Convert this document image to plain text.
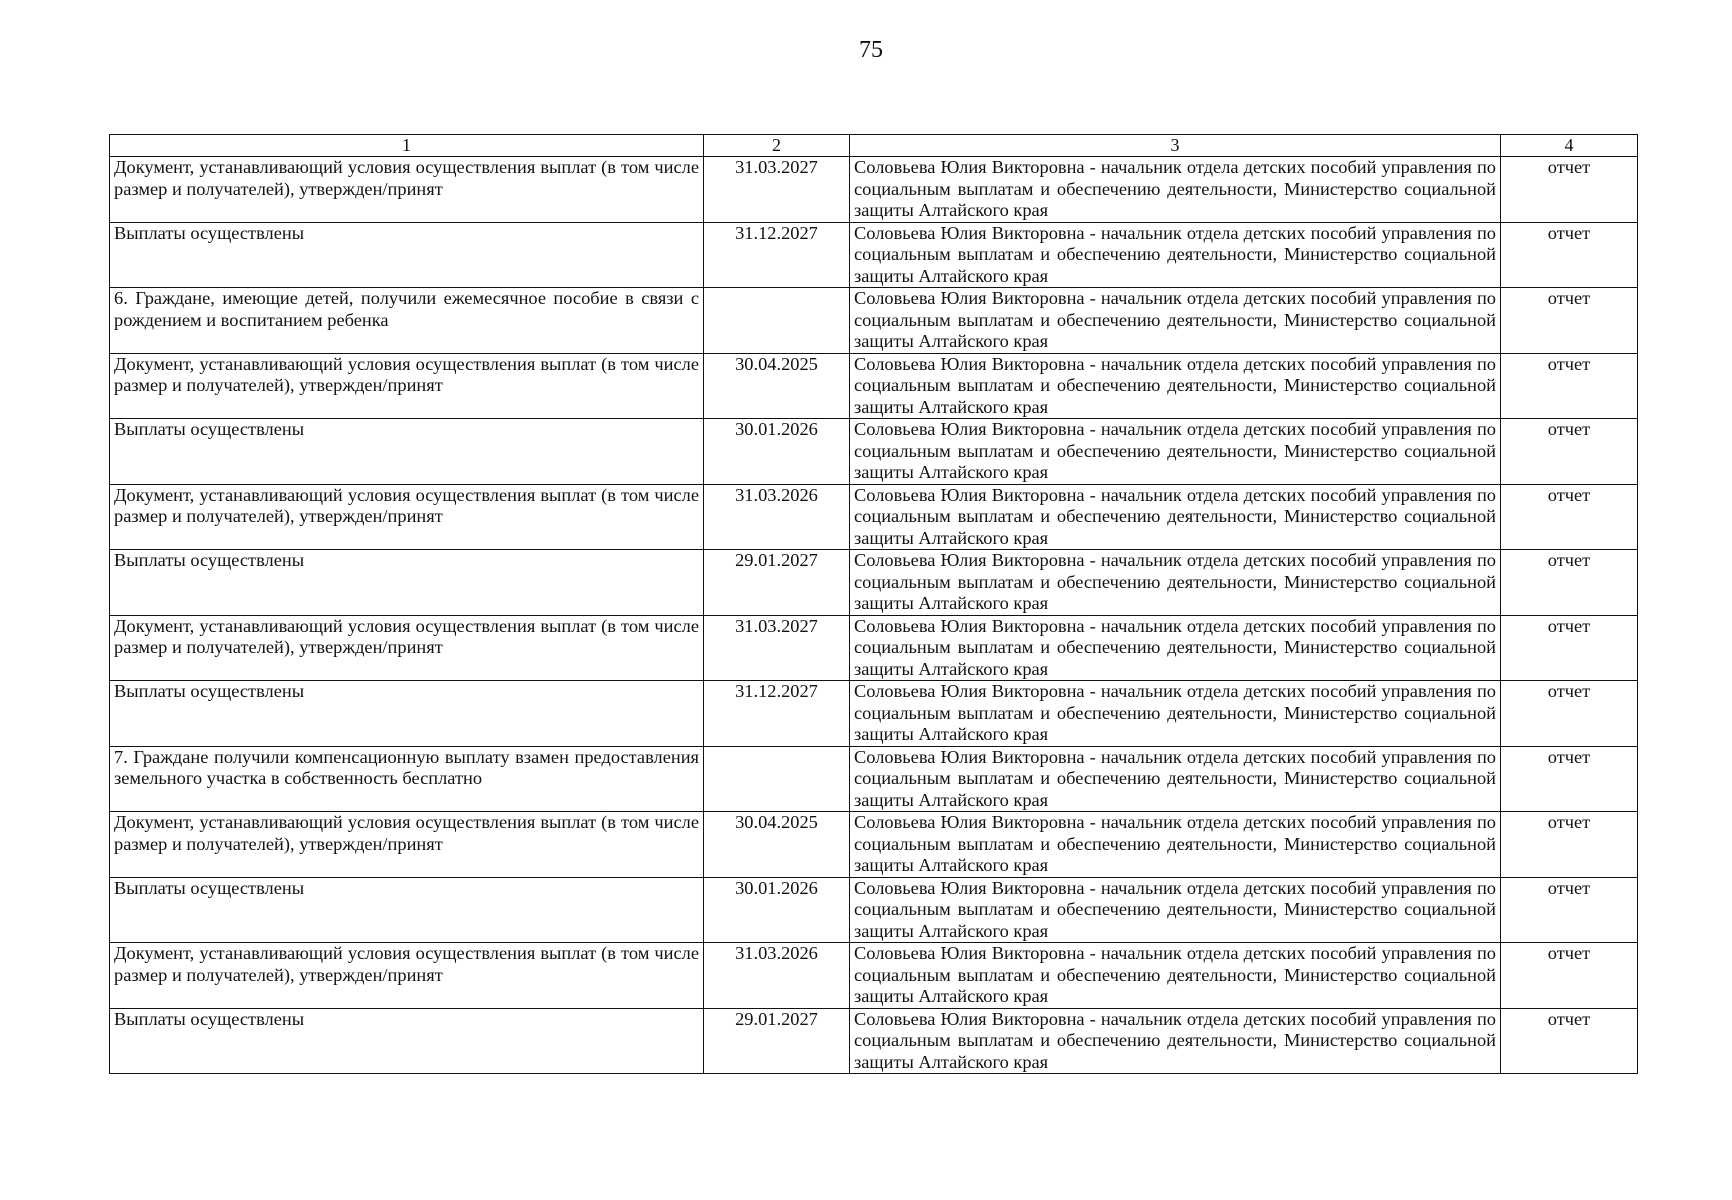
75
1	2	3	4
Документ, устанавливающий условия осуществления выплат (в том числе размер и получателей), утвержден/принят	31.03.2027	Соловьева Юлия Викторовна - начальник отдела детских пособий управления по социальным выплатам и обеспечению деятельности, Министерство социальной защиты Алтайского края	отчет
Выплаты осуществлены	31.12.2027	Соловьева Юлия Викторовна - начальник отдела детских пособий управления по социальным выплатам и обеспечению деятельности, Министерство социальной защиты Алтайского края	отчет
6. Граждане, имеющие детей, получили ежемесячное пособие в связи с рождением и воспитанием ребенка		Соловьева Юлия Викторовна - начальник отдела детских пособий управления по социальным выплатам и обеспечению деятельности, Министерство социальной защиты Алтайского края	отчет
Документ, устанавливающий условия осуществления выплат (в том числе размер и получателей), утвержден/принят	30.04.2025	Соловьева Юлия Викторовна - начальник отдела детских пособий управления по социальным выплатам и обеспечению деятельности, Министерство социальной защиты Алтайского края	отчет
Выплаты осуществлены	30.01.2026	Соловьева Юлия Викторовна - начальник отдела детских пособий управления по социальным выплатам и обеспечению деятельности, Министерство социальной защиты Алтайского края	отчет
Документ, устанавливающий условия осуществления выплат (в том числе размер и получателей), утвержден/принят	31.03.2026	Соловьева Юлия Викторовна - начальник отдела детских пособий управления по социальным выплатам и обеспечению деятельности, Министерство социальной защиты Алтайского края	отчет
Выплаты осуществлены	29.01.2027	Соловьева Юлия Викторовна - начальник отдела детских пособий управления по социальным выплатам и обеспечению деятельности, Министерство социальной защиты Алтайского края	отчет
Документ, устанавливающий условия осуществления выплат (в том числе размер и получателей), утвержден/принят	31.03.2027	Соловьева Юлия Викторовна - начальник отдела детских пособий управления по социальным выплатам и обеспечению деятельности, Министерство социальной защиты Алтайского края	отчет
Выплаты осуществлены	31.12.2027	Соловьева Юлия Викторовна - начальник отдела детских пособий управления по социальным выплатам и обеспечению деятельности, Министерство социальной защиты Алтайского края	отчет
7. Граждане получили компенсационную выплату взамен предоставления земельного участка в собственность бесплатно		Соловьева Юлия Викторовна - начальник отдела детских пособий управления по социальным выплатам и обеспечению деятельности, Министерство социальной защиты Алтайского края	отчет
Документ, устанавливающий условия осуществления выплат (в том числе размер и получателей), утвержден/принят	30.04.2025	Соловьева Юлия Викторовна - начальник отдела детских пособий управления по социальным выплатам и обеспечению деятельности, Министерство социальной защиты Алтайского края	отчет
Выплаты осуществлены	30.01.2026	Соловьева Юлия Викторовна - начальник отдела детских пособий управления по социальным выплатам и обеспечению деятельности, Министерство социальной защиты Алтайского края	отчет
Документ, устанавливающий условия осуществления выплат (в том числе размер и получателей), утвержден/принят	31.03.2026	Соловьева Юлия Викторовна - начальник отдела детских пособий управления по социальным выплатам и обеспечению деятельности, Министерство социальной защиты Алтайского края	отчет
Выплаты осуществлены	29.01.2027	Соловьева Юлия Викторовна - начальник отдела детских пособий управления по социальным выплатам и обеспечению деятельности, Министерство социальной защиты Алтайского края	отчет
